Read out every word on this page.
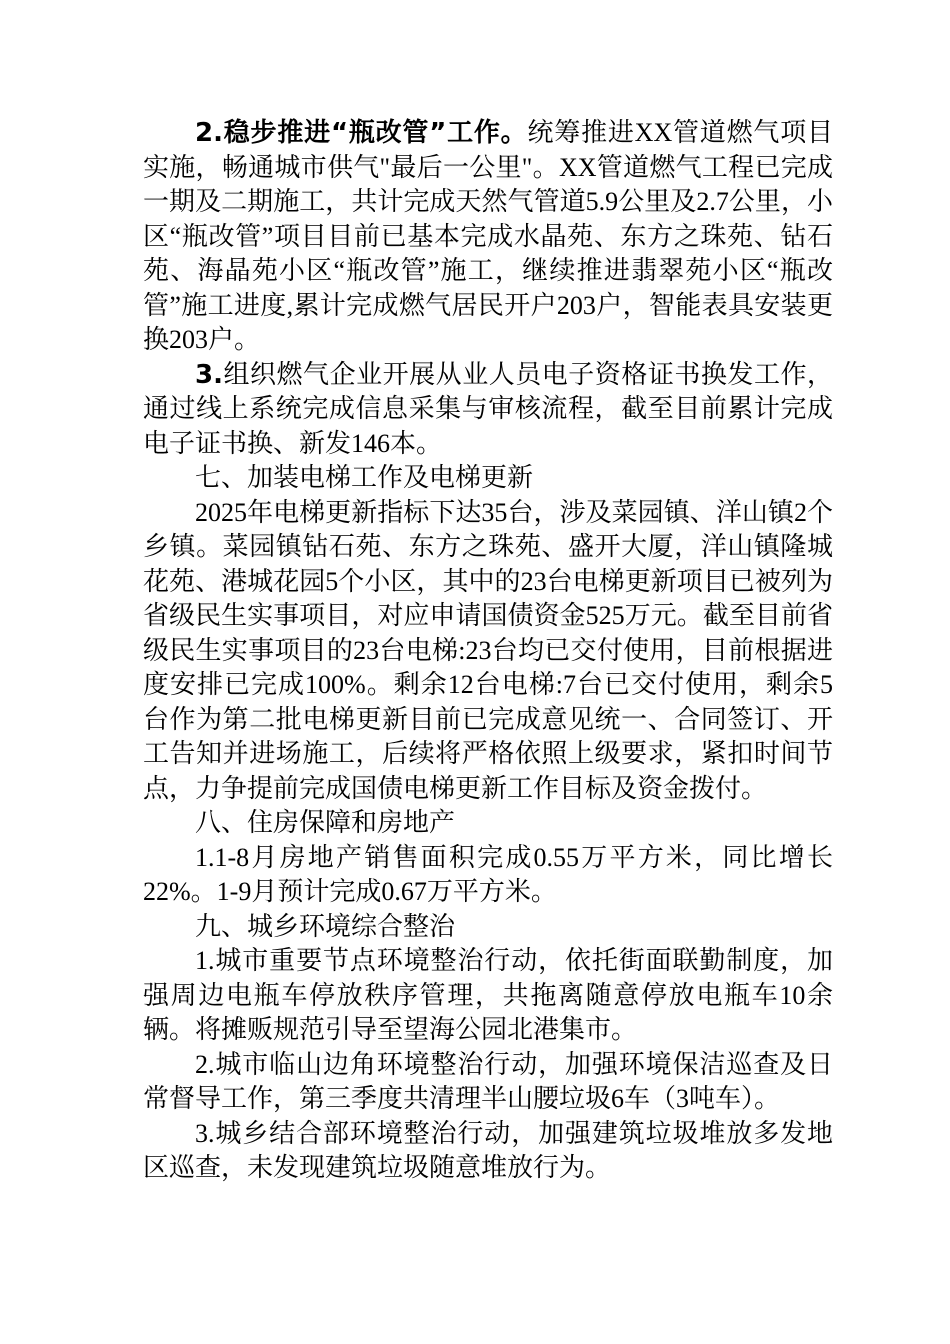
2.稳步推进“瓶改管”工作。统筹推进XX管道燃气项目实施，畅通城市供气"最后一公里"。XX管道燃气工程已完成一期及二期施工，共计完成天然气管道5.9公里及2.7公里，小区“瓶改管”项目目前已基本完成水晶苑、东方之珠苑、钻石苑、海晶苑小区“瓶改管”施工，继续推进翡翠苑小区“瓶改管”施工进度,累计完成燃气居民开户203户，智能表具安装更换203户。

3.组织燃气企业开展从业人员电子资格证书换发工作，通过线上系统完成信息采集与审核流程，截至目前累计完成电子证书换、新发146本。

七、加装电梯工作及电梯更新

2025年电梯更新指标下达35台，涉及菜园镇、洋山镇2个乡镇。菜园镇钻石苑、东方之珠苑、盛开大厦，洋山镇隆城花苑、港城花园5个小区，其中的23台电梯更新项目已被列为省级民生实事项目，对应申请国债资金525万元。截至目前省级民生实事项目的23台电梯:23台均已交付使用，目前根据进度安排已完成100%。剩余12台电梯:7台已交付使用，剩余5台作为第二批电梯更新目前已完成意见统一、合同签订、开工告知并进场施工，后续将严格依照上级要求，紧扣时间节点，力争提前完成国债电梯更新工作目标及资金拨付。

八、住房保障和房地产

1.1-8月房地产销售面积完成0.55万平方米，同比增长22%。1-9月预计完成0.67万平方米。

九、城乡环境综合整治

1.城市重要节点环境整治行动，依托街面联勤制度，加强周边电瓶车停放秩序管理，共拖离随意停放电瓶车10余辆。将摊贩规范引导至望海公园北港集市。

2.城市临山边角环境整治行动，加强环境保洁巡查及日常督导工作，第三季度共清理半山腰垃圾6车（3吨车）。

3.城乡结合部环境整治行动，加强建筑垃圾堆放多发地区巡查，未发现建筑垃圾随意堆放行为。
